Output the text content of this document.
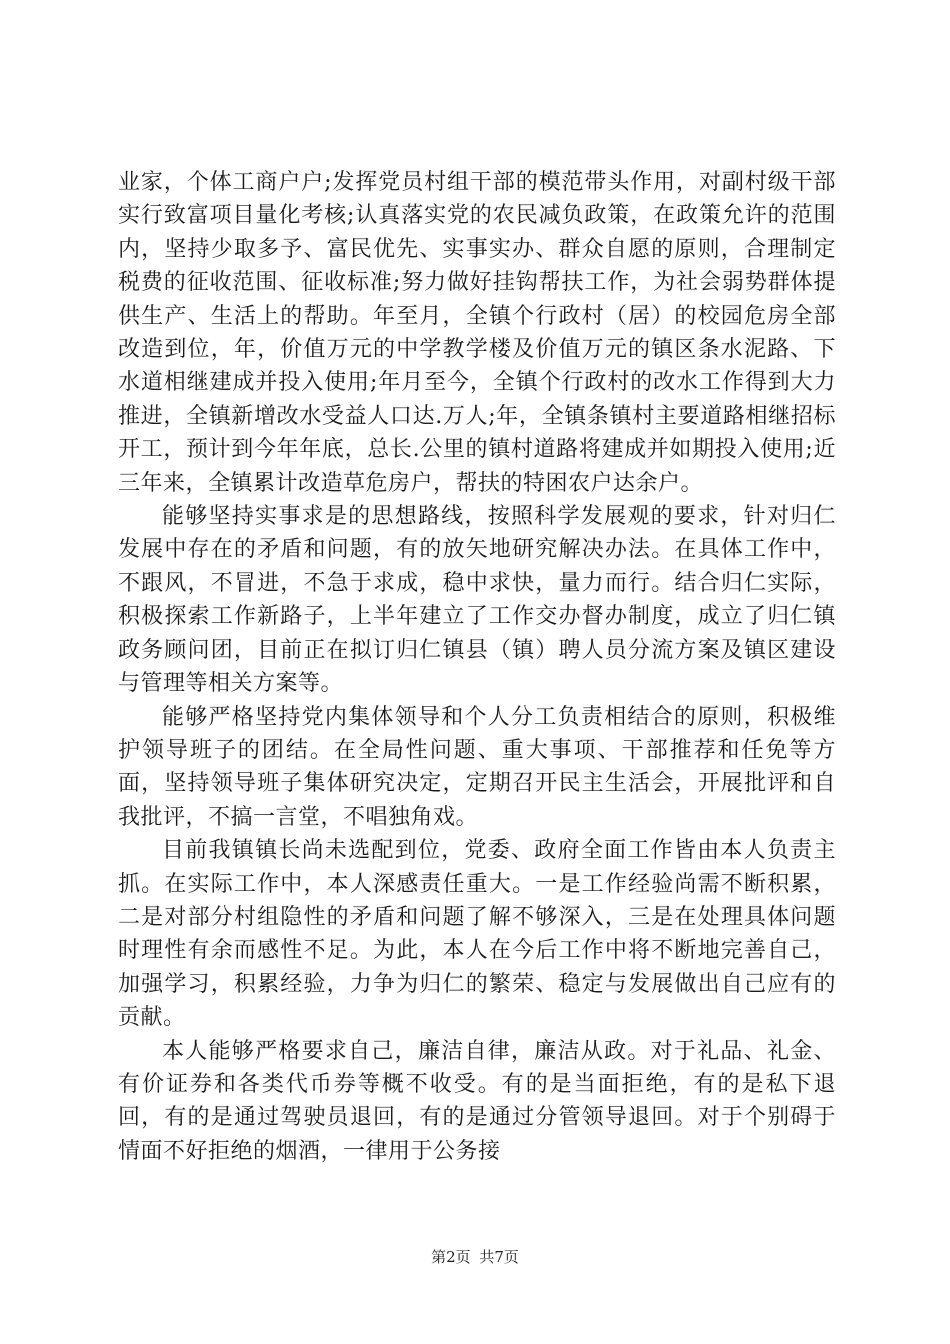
业家，个体工商户户;发挥党员村组干部的模范带头作用，对副村级干部实行致富项目量化考核;认真落实党的农民减负政策，在政策允许的范围内，坚持少取多予、富民优先、实事实办、群众自愿的原则，合理制定税费的征收范围、征收标准;努力做好挂钩帮扶工作，为社会弱势群体提供生产、生活上的帮助。年至月，全镇个行政村（居）的校园危房全部改造到位，年，价值万元的中学教学楼及价值万元的镇区条水泥路、下水道相继建成并投入使用;年月至今，全镇个行政村的改水工作得到大力推进，全镇新增改水受益人口达.万人;年，全镇条镇村主要道路相继招标开工，预计到今年年底，总长.公里的镇村道路将建成并如期投入使用;近三年来，全镇累计改造草危房户，帮扶的特困农户达余户。

能够坚持实事求是的思想路线，按照科学发展观的要求，针对归仁发展中存在的矛盾和问题，有的放矢地研究解决办法。在具体工作中，不跟风，不冒进，不急于求成，稳中求快，量力而行。结合归仁实际，积极探索工作新路子，上半年建立了工作交办督办制度，成立了归仁镇政务顾问团，目前正在拟订归仁镇县（镇）聘人员分流方案及镇区建设与管理等相关方案等。

能够严格坚持党内集体领导和个人分工负责相结合的原则，积极维护领导班子的团结。在全局性问题、重大事项、干部推荐和任免等方面，坚持领导班子集体研究决定，定期召开民主生活会，开展批评和自我批评，不搞一言堂，不唱独角戏。

目前我镇镇长尚未选配到位，党委、政府全面工作皆由本人负责主抓。在实际工作中，本人深感责任重大。一是工作经验尚需不断积累，二是对部分村组隐性的矛盾和问题了解不够深入，三是在处理具体问题时理性有余而感性不足。为此，本人在今后工作中将不断地完善自己，加强学习，积累经验，力争为归仁的繁荣、稳定与发展做出自己应有的贡献。

本人能够严格要求自己，廉洁自律，廉洁从政。对于礼品、礼金、有价证券和各类代币券等概不收受。有的是当面拒绝，有的是私下退回，有的是通过驾驶员退回，有的是通过分管领导退回。对于个别碍于情面不好拒绝的烟酒，一律用于公务接

第2页 共7页
